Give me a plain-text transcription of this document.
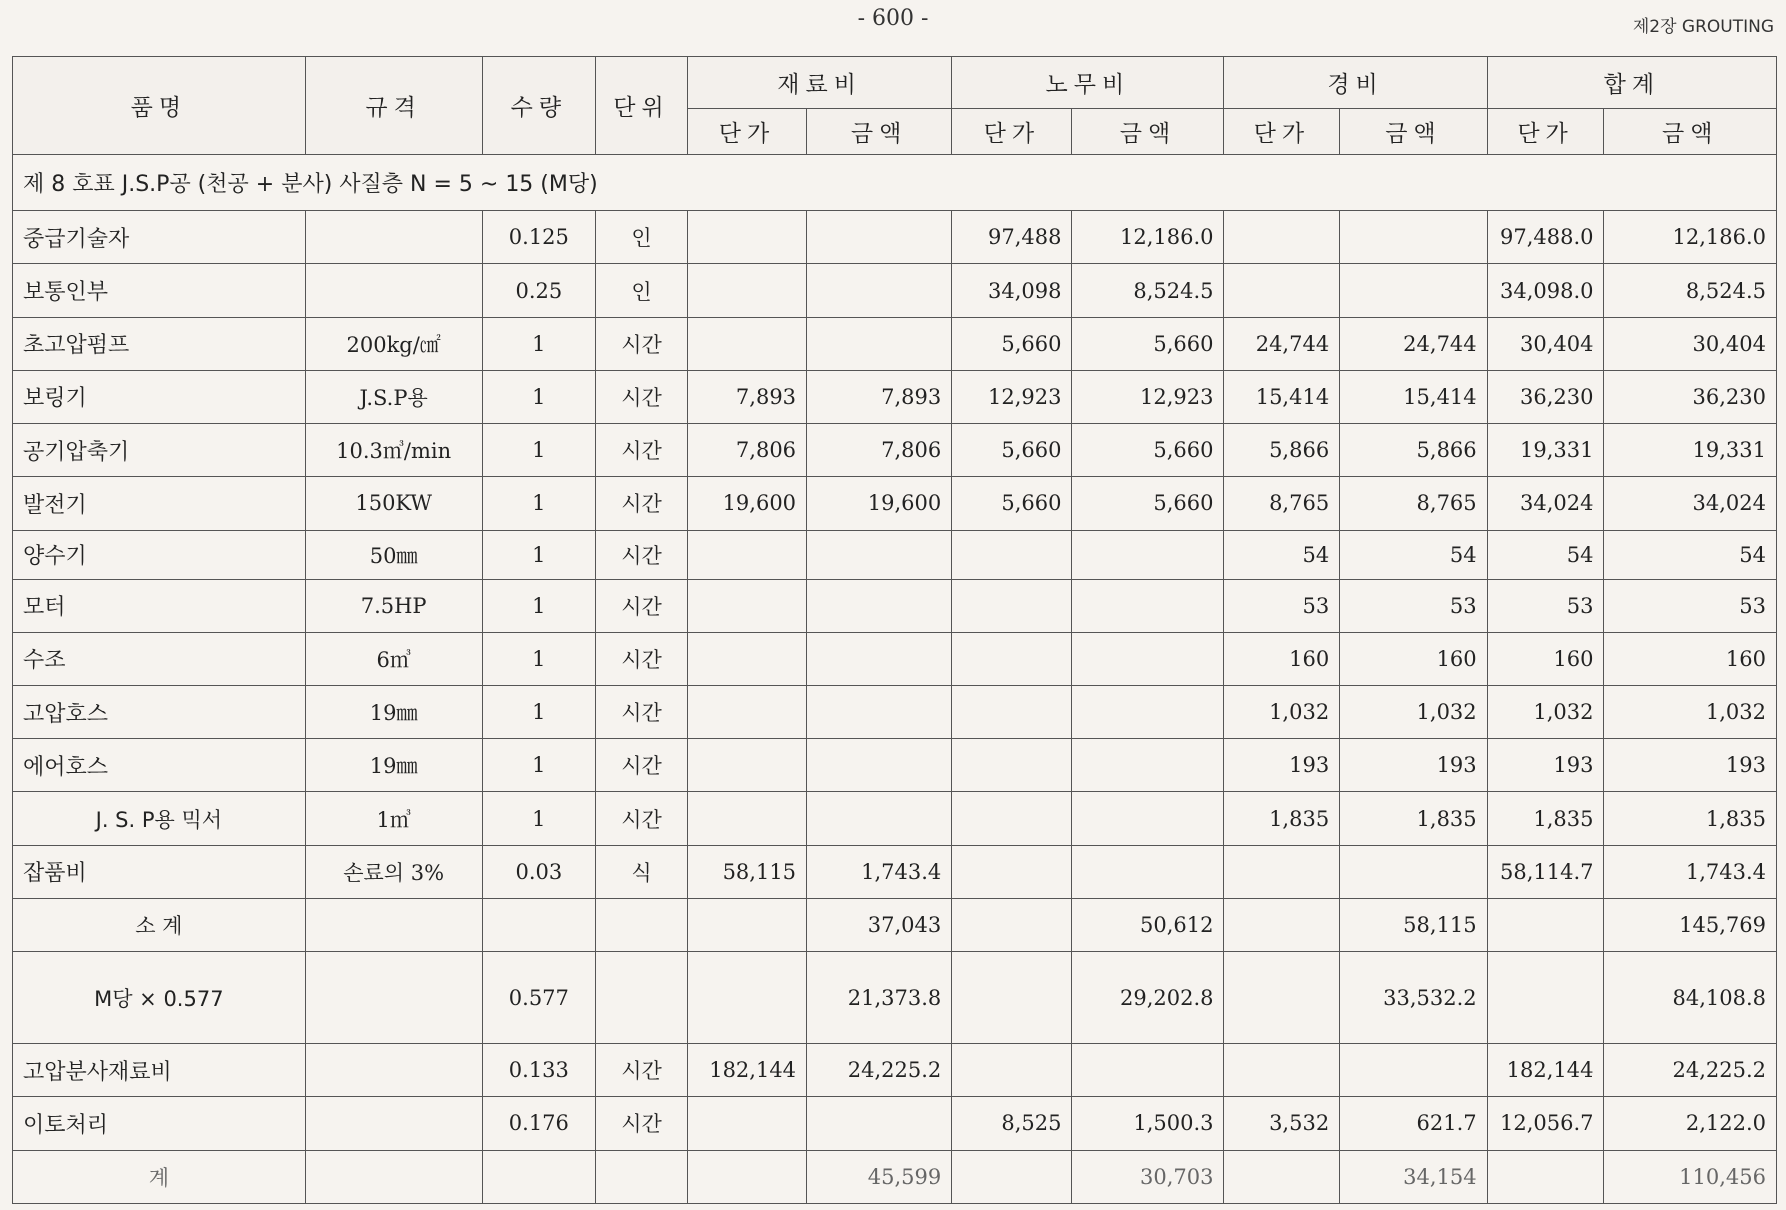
- 600 -	제2장 GROUTING
품명	규격	수량	단위	재료비		노무비		경비		합계	
				단가	금액	단가	금액	단가	금액	단가	금액
제 8 호표 J.S.P공 (천공 + 분사) 사질층 N = 5 ~ 15 (M당)											
중급기술자		0.125	인			97,488	12,186.0			97,488.0	12,186.0
보통인부		0.25	인			34,098	8,524.5			34,098.0	8,524.5
초고압펌프	200kg/㎠	1	시간			5,660	5,660	24,744	24,744	30,404	30,404
보링기	J.S.P용	1	시간	7,893	7,893	12,923	12,923	15,414	15,414	36,230	36,230
공기압축기	10.3㎥/min	1	시간	7,806	7,806	5,660	5,660	5,866	5,866	19,331	19,331
발전기	150KW	1	시간	19,600	19,600	5,660	5,660	8,765	8,765	34,024	34,024
양수기	50㎜	1	시간					54	54	54	54
모터	7.5HP	1	시간					53	53	53	53
수조	6㎥	1	시간					160	160	160	160
고압호스	19㎜	1	시간					1,032	1,032	1,032	1,032
에어호스	19㎜	1	시간					193	193	193	193
J. S. P용 믹서	1㎥	1	시간					1,835	1,835	1,835	1,835
잡품비	손료의 3%	0.03	식	58,115	1,743.4					58,114.7	1,743.4
소 계					37,043		50,612		58,115		145,769
M당 × 0.577		0.577			21,373.8		29,202.8		33,532.2		84,108.8
고압분사재료비		0.133	시간	182,144	24,225.2					182,144	24,225.2
이토처리		0.176	시간			8,525	1,500.3	3,532	621.7	12,056.7	2,122.0
계					45,599		30,703		34,154		110,456
